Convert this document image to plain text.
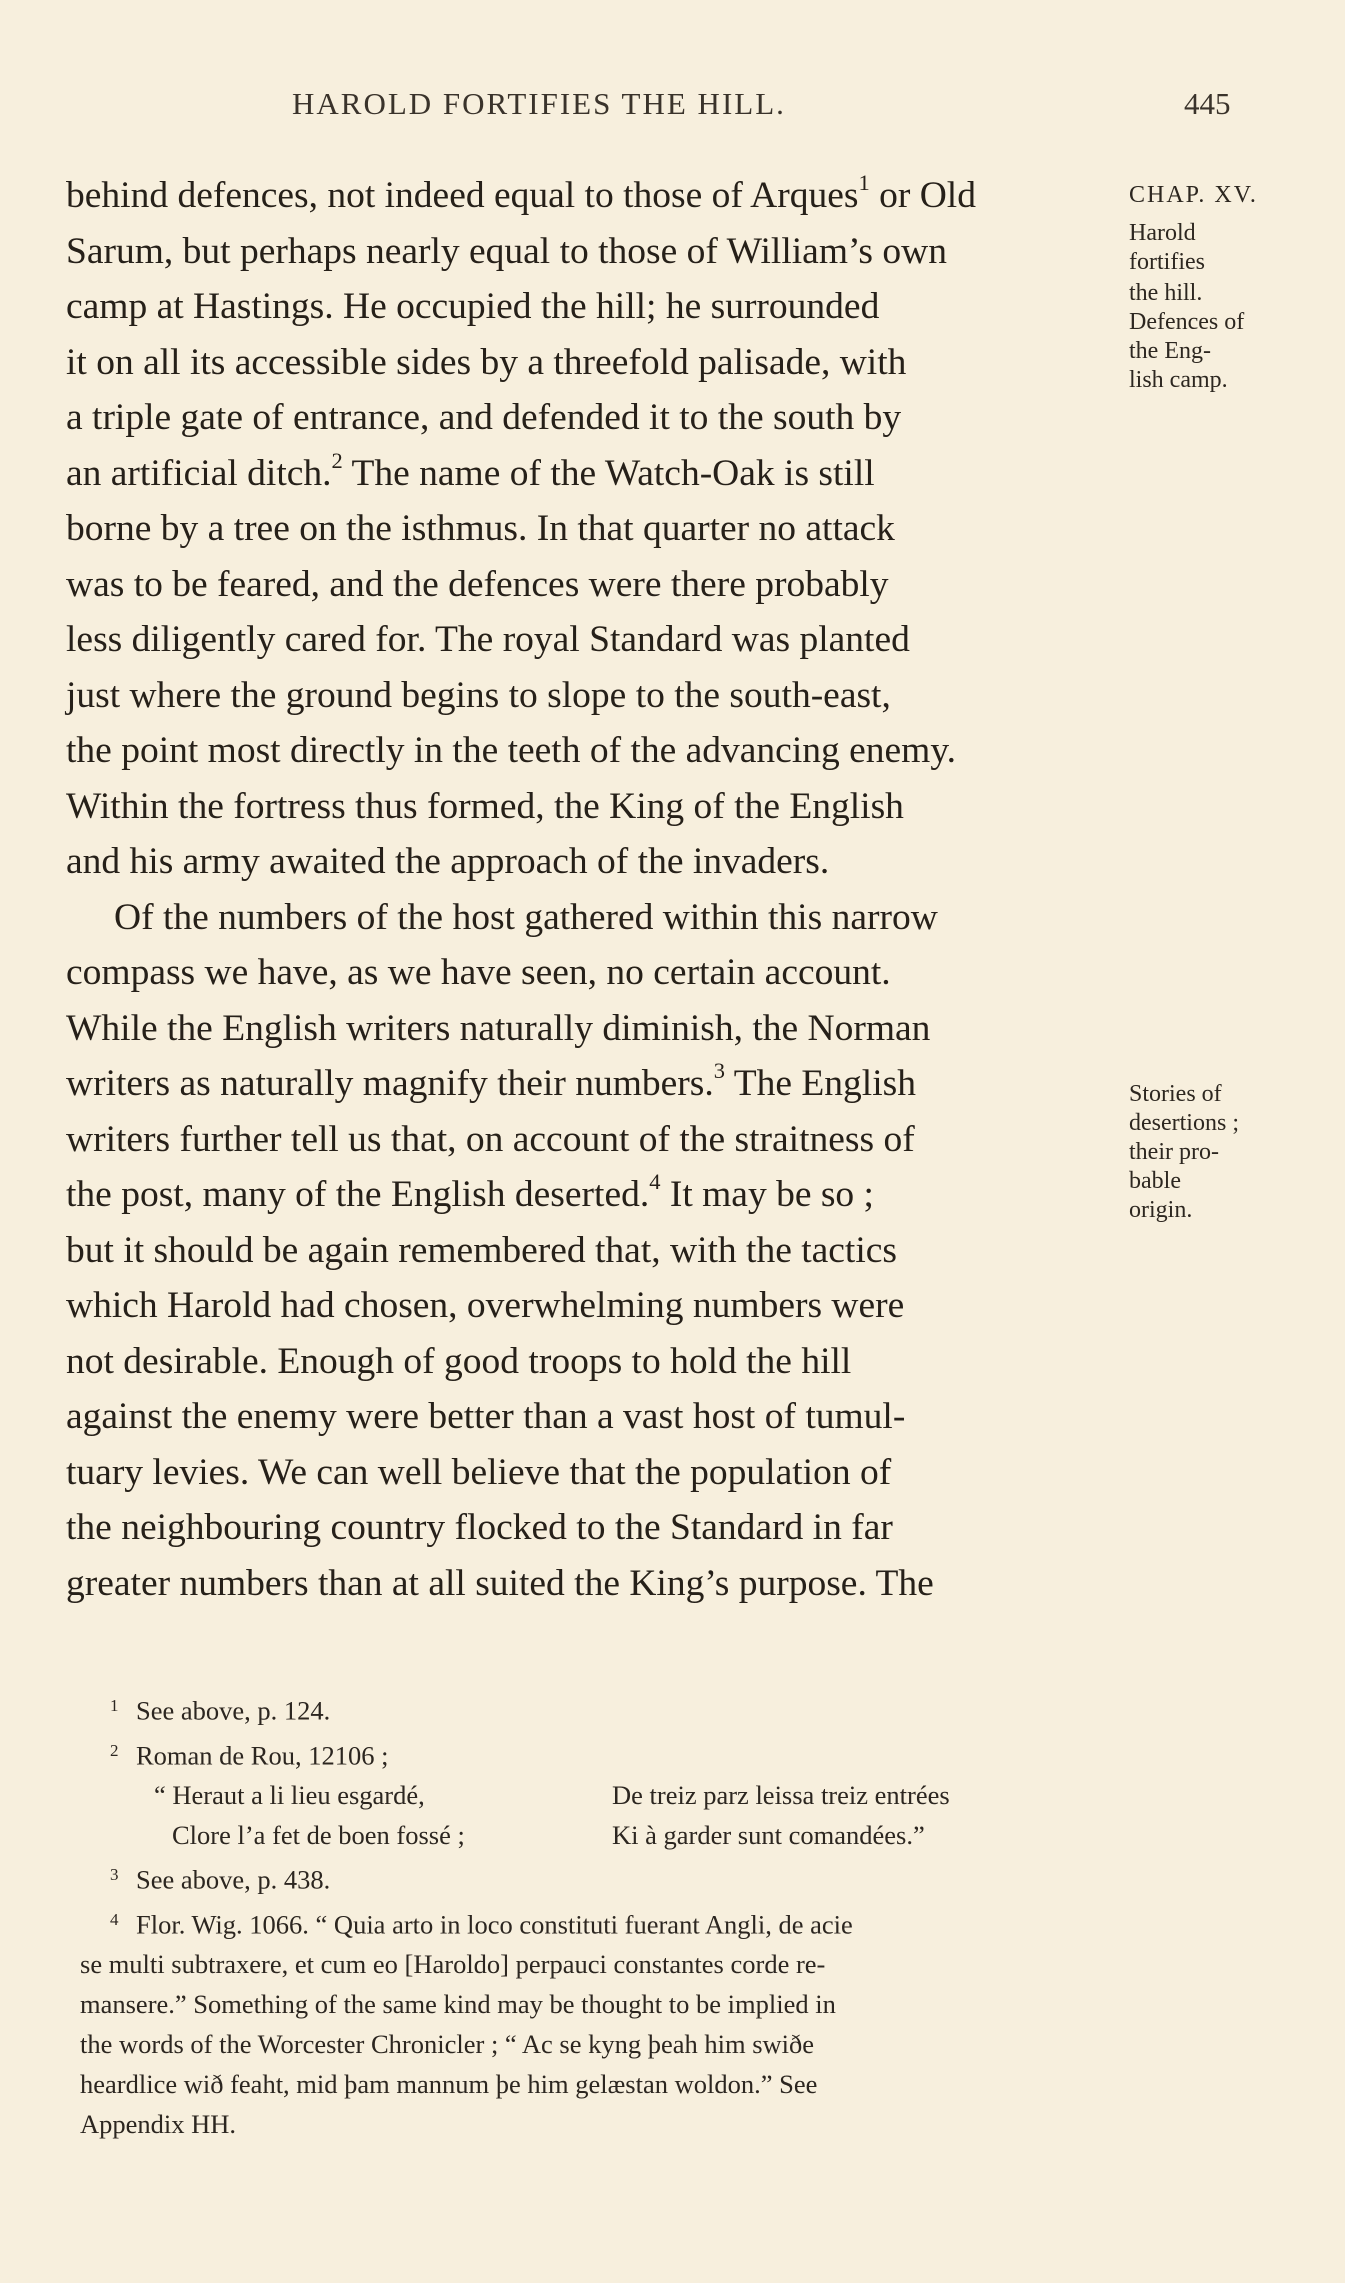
HAROLD FORTIFIES THE HILL.	445
behind defences, not indeed equal to those of Arques$^1$ or Old
Sarum, but perhaps nearly equal to those of William’s own
camp at Hastings. He occupied the hill; he surrounded
it on all its accessible sides by a threefold palisade, with
a triple gate of entrance, and defended it to the south by
an artificial ditch.$^2$ The name of the Watch-Oak is still
borne by a tree on the isthmus. In that quarter no attack
was to be feared, and the defences were there probably
less diligently cared for. The royal Standard was planted
just where the ground begins to slope to the south-east,
the point most directly in the teeth of the advancing enemy.
Within the fortress thus formed, the King of the English
and his army awaited the approach of the invaders.
Of the numbers of the host gathered within this narrow
compass we have, as we have seen, no certain account.
While the English writers naturally diminish, the Norman
writers as naturally magnify their numbers.$^3$ The English
writers further tell us that, on account of the straitness of
the post, many of the English deserted.$^4$ It may be so ;
but it should be again remembered that, with the tactics
which Harold had chosen, overwhelming numbers were
not desirable. Enough of good troops to hold the hill
against the enemy were better than a vast host of tumul-
tuary levies. We can well believe that the population of
the neighbouring country flocked to the Standard in far
greater numbers than at all suited the King’s purpose. The
CHAP. XV.
Harold
fortifies
the hill.
Defences of
the Eng-
lish camp.
Stories of
desertions ;
their pro-
bable
origin.
1 See above, p. 124.
2 Roman de Rou, 12106 ;
“ Heraut a li lieu esgardé,	De treiz parz leissa treiz entrées
Clore l’a fet de boen fossé ;	Ki à garder sunt comandées.”
3 See above, p. 438.
4 Flor. Wig. 1066. “ Quia arto in loco constituti fuerant Angli, de acie
se multi subtraxere, et cum eo [Haroldo] perpauci constantes corde re-
mansere.” Something of the same kind may be thought to be implied in
the words of the Worcester Chronicler ; “ Ac se kyng þeah him swiðe
heardlice wið feaht, mid þam mannum þe him gelæstan woldon.” See
Appendix HH.
